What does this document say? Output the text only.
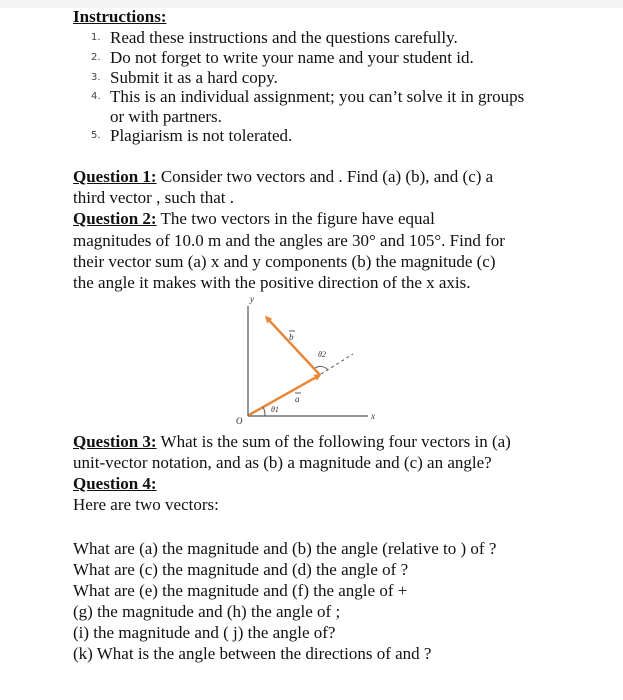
Instructions:
1. Read these instructions and the questions carefully.
2. Do not forget to write your name and your student id.
3. Submit it as a hard copy.
4. This is an individual assignment; you can’t solve it in groups
or with partners.
5. Plagiarism is not tolerated.
Question 1: Consider two vectors and . Find (a) (b), and (c) a
third vector , such that .
Question 2: The two vectors in the figure have equal
magnitudes of 10.0 m and the angles are 30° and 105°. Find for
their vector sum (a) x and y components (b) the magnitude (c)
the angle it makes with the positive direction of the x axis.
y
x
O
θ1
θ2
a
b
Question 3: What is the sum of the following four vectors in (a)
unit-vector notation, and as (b) a magnitude and (c) an angle?
Question 4:
Here are two vectors:
What are (a) the magnitude and (b) the angle (relative to ) of ?
What are (c) the magnitude and (d) the angle of ?
What are (e) the magnitude and (f) the angle of +
(g) the magnitude and (h) the angle of ;
(i) the magnitude and ( j) the angle of?
(k) What is the angle between the directions of and ?
